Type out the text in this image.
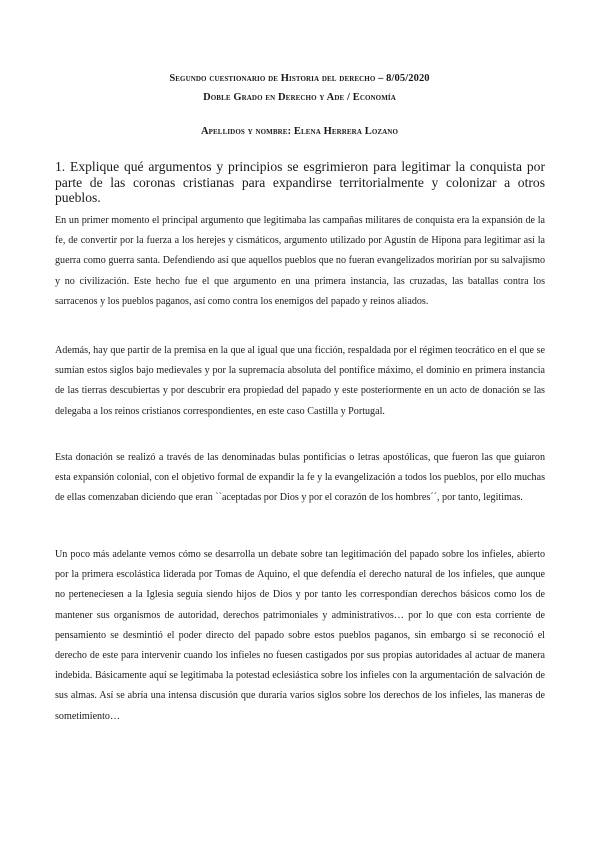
Segundo cuestionario de Historia del derecho – 8/05/2020
Doble Grado en Derecho y Ade / Economía
Apellidos y nombre: Elena Herrera Lozano
1. Explique qué argumentos y principios se esgrimieron para legitimar la conquista por parte de las coronas cristianas para expandirse territorialmente y colonizar a otros pueblos.
En un primer momento el principal argumento que legitimaba las campañas militares de conquista era la expansión de la fe, de convertir por la fuerza a los herejes y cismáticos, argumento utilizado por Agustín de Hipona para legitimar así la guerra como guerra santa. Defendiendo así que aquellos pueblos que no fueran evangelizados morirían por su salvajismo y no civilización. Este hecho fue el que argumento en una primera instancia, las cruzadas, las batallas contra los sarracenos y los pueblos paganos, así como contra los enemigos del papado y reinos aliados.
Además, hay que partir de la premisa en la que al igual que una ficción, respaldada por el régimen teocrático en el que se sumían estos siglos bajo medievales y por la supremacía absoluta del pontífice máximo, el dominio en primera instancia de las tierras descubiertas y por descubrir era propiedad del papado y este posteriormente en un acto de donación se las delegaba a los reinos cristianos correspondientes, en este caso Castilla y Portugal.
Esta donación se realizó a través de las denominadas bulas pontificias o letras apostólicas, que fueron las que guiaron esta expansión colonial, con el objetivo formal de expandir la fe y la evangelización a todos los pueblos, por ello muchas de ellas comenzaban diciendo que eran ``aceptadas por Dios y por el corazón de los hombres´´, por tanto, legitimas.
Un poco más adelante vemos cómo se desarrolla un debate sobre tan legitimación del papado sobre los infieles, abierto por la primera escolástica liderada por Tomas de Aquino, el que defendía el derecho natural de los infieles, que aunque no perteneciesen a la Iglesia seguía siendo hijos de Dios y por tanto les correspondían derechos básicos como los de mantener sus organismos de autoridad, derechos patrimoniales y administrativos… por lo que con esta corriente de pensamiento se desmintió el poder directo del papado sobre estos pueblos paganos, sin embargo si se reconoció el derecho de este para intervenir cuando los infieles no fuesen castigados por sus propias autoridades al actuar de manera indebida. Básicamente aquí se legitimaba la potestad eclesiástica sobre los infieles con la argumentación de salvación de sus almas. Así se abría una intensa discusión que duraría varios siglos sobre los derechos de los infieles, las maneras de sometimiento…
